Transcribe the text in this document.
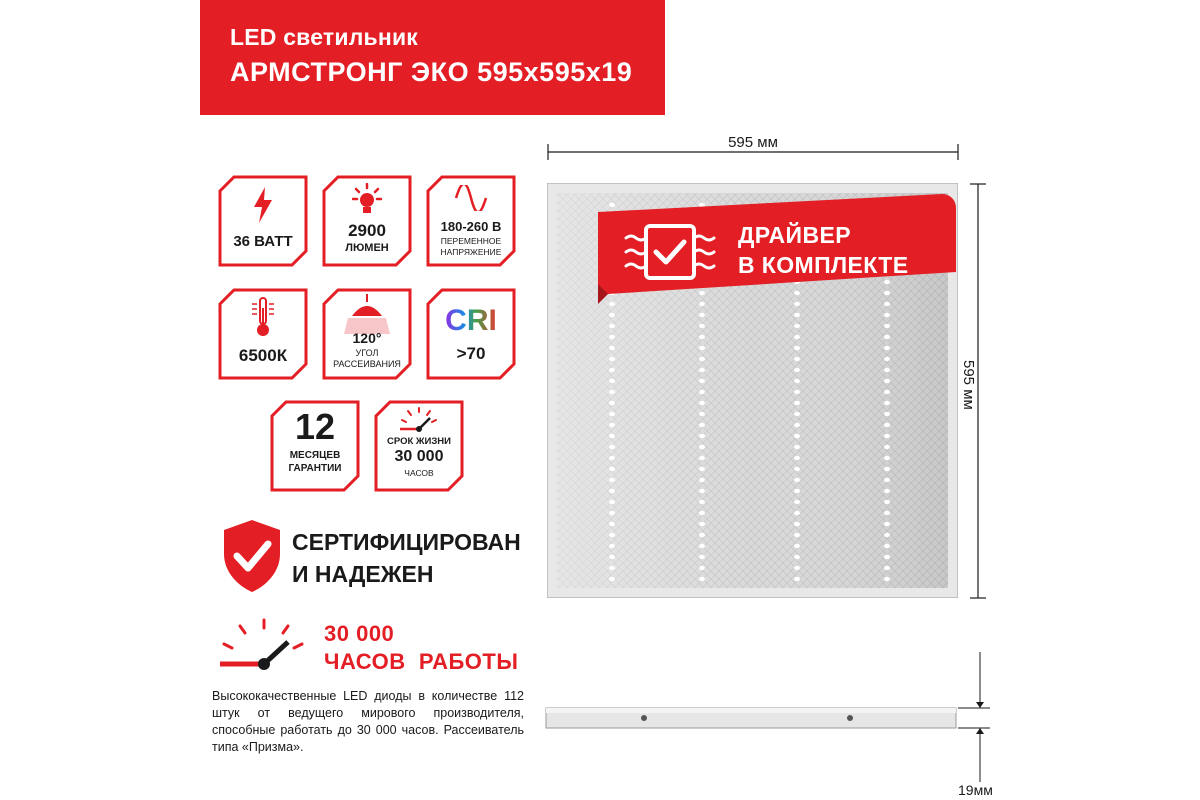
LED светильник
АРМСТРОНГ ЭКО 595x595x19
36 ВАТТ
2900
ЛЮМЕН
180-260 В
ПЕРЕМЕННОЕ
НАПРЯЖЕНИЕ
6500К
120°
УГОЛ
РАССЕИВАНИЯ
CRI
>70
12
МЕСЯЦЕВ
ГАРАНТИИ
СРОК ЖИЗНИ
30 000
ЧАСОВ
СЕРТИФИЦИРОВАН
И НАДЕЖЕН
30 000
ЧАСОВ  РАБОТЫ
Высококачественные LED диоды в количестве 112 штук от ведущего мирового производителя, способные работать до 30 000 часов. Рассеиватель типа «Призма».
595 мм
595 мм
ДРАЙВЕР
В КОМПЛЕКТЕ
19мм
